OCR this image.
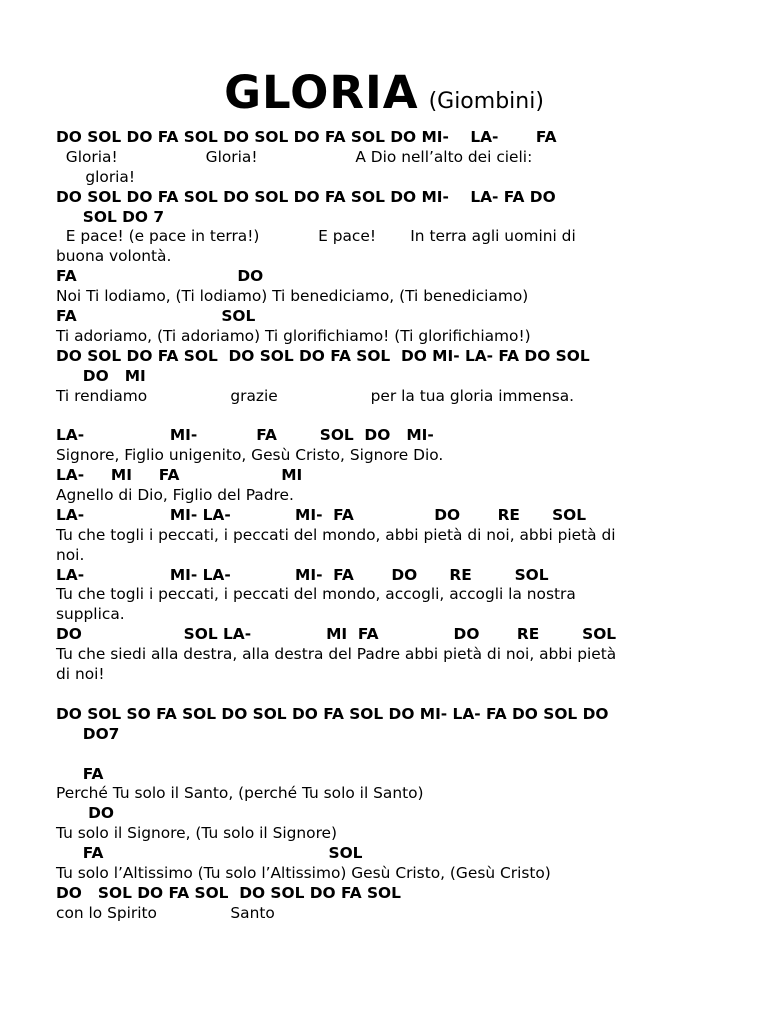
GLORIA (Giombini)
DO SOL DO FA SOL DO SOL DO FA SOL DO MI-    LA-       FA
Gloria!                  Gloria!                    A Dio nell’alto dei cieli:
gloria!
DO SOL DO FA SOL DO SOL DO FA SOL DO MI-    LA- FA DO
SOL DO 7
E pace! (e pace in terra!)            E pace!       In terra agli uomini di
buona volontà.
FA                              DO
Noi Ti lodiamo, (Ti lodiamo) Ti benediciamo, (Ti benediciamo)
FA                           SOL
Ti adoriamo, (Ti adoriamo) Ti glorifichiamo! (Ti glorifichiamo!)
DO SOL DO FA SOL  DO SOL DO FA SOL  DO MI- LA- FA DO SOL
DO   MI
Ti rendiamo                 grazie                   per la tua gloria immensa.
LA-                MI-           FA        SOL  DO   MI-
Signore, Figlio unigenito, Gesù Cristo, Signore Dio.
LA-     MI     FA                   MI
Agnello di Dio, Figlio del Padre.
LA-                MI- LA-            MI-  FA               DO       RE      SOL
Tu che togli i peccati, i peccati del mondo, abbi pietà di noi, abbi pietà di
noi.
LA-                MI- LA-            MI-  FA       DO      RE        SOL
Tu che togli i peccati, i peccati del mondo, accogli, accogli la nostra
supplica.
DO                   SOL LA-              MI  FA              DO       RE        SOL
Tu che siedi alla destra, alla destra del Padre abbi pietà di noi, abbi pietà
di noi!
DO SOL SO FA SOL DO SOL DO FA SOL DO MI- LA- FA DO SOL DO
DO7
FA
Perché Tu solo il Santo, (perché Tu solo il Santo)
DO
Tu solo il Signore, (Tu solo il Signore)
FA                                          SOL
Tu solo l’Altissimo (Tu solo l’Altissimo) Gesù Cristo, (Gesù Cristo)
DO   SOL DO FA SOL  DO SOL DO FA SOL
con lo Spirito               Santo
